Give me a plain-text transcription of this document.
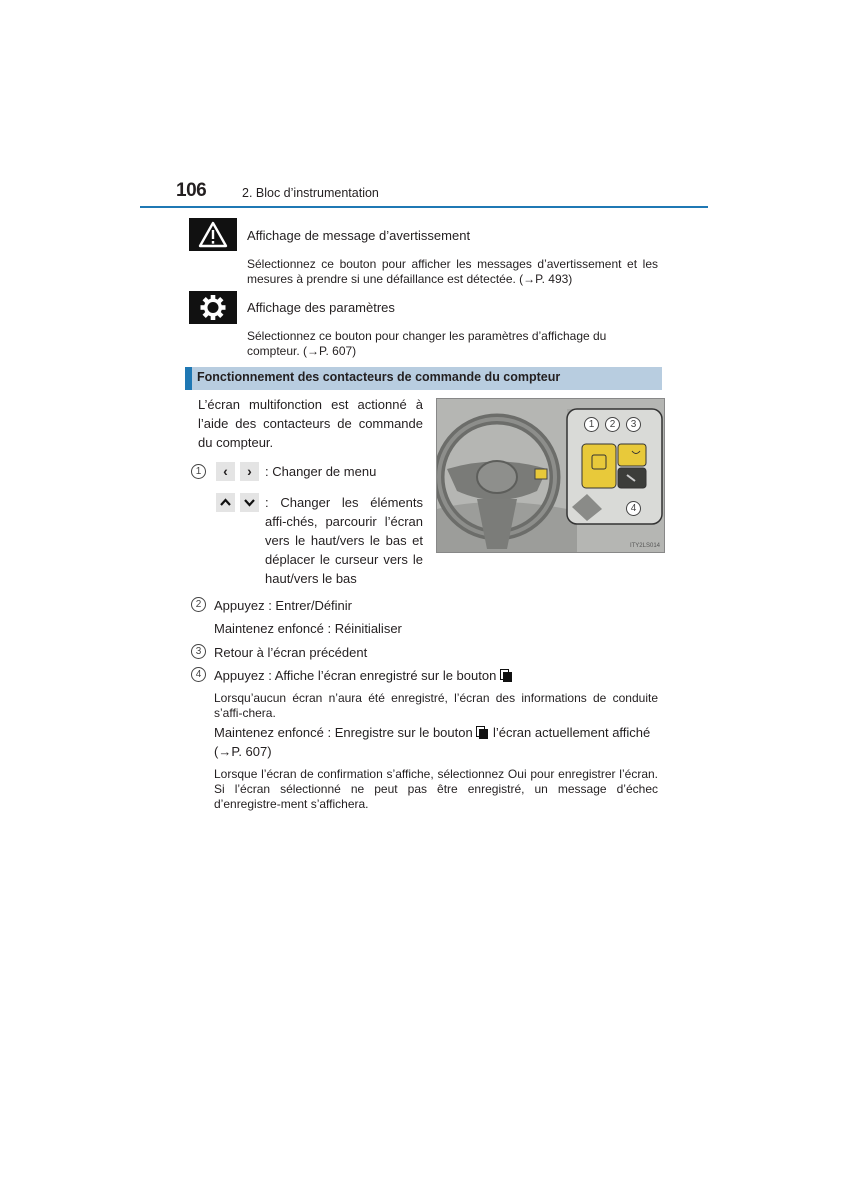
106	2. Bloc d’instrumentation
Affichage de message d’avertissement
Sélectionnez ce bouton pour afficher les messages d’avertissement et les mesures à prendre si une défaillance est détectée. (→P. 493)
Affichage des paramètres
Sélectionnez ce bouton pour changer les paramètres d’affichage du compteur. (→P. 607)
Fonctionnement des contacteurs de commande du compteur
L’écran multifonction est actionné à l’aide des contacteurs de commande du compteur.
1	‹	›	: Changer de menu
: Changer les éléments affi-chés, parcourir l’écran vers le haut/vers le bas et déplacer le curseur vers le haut/vers le bas
1	2	3
4
ITY2LS014
2 Appuyez : Entrer/Définir
Maintenez enfoncé : Réinitialiser
3 Retour à l’écran précédent
4 Appuyez : Affiche l’écran enregistré sur le bouton
Lorsqu’aucun écran n’aura été enregistré, l’écran des informations de conduite s’affi-chera.
Maintenez enfoncé : Enregistre sur le bouton l’écran actuellement affiché
(→P. 607)
Lorsque l’écran de confirmation s’affiche, sélectionnez Oui pour enregistrer l’écran. Si l’écran sélectionné ne peut pas être enregistré, un message d’échec d’enregistre-ment s’affichera.
